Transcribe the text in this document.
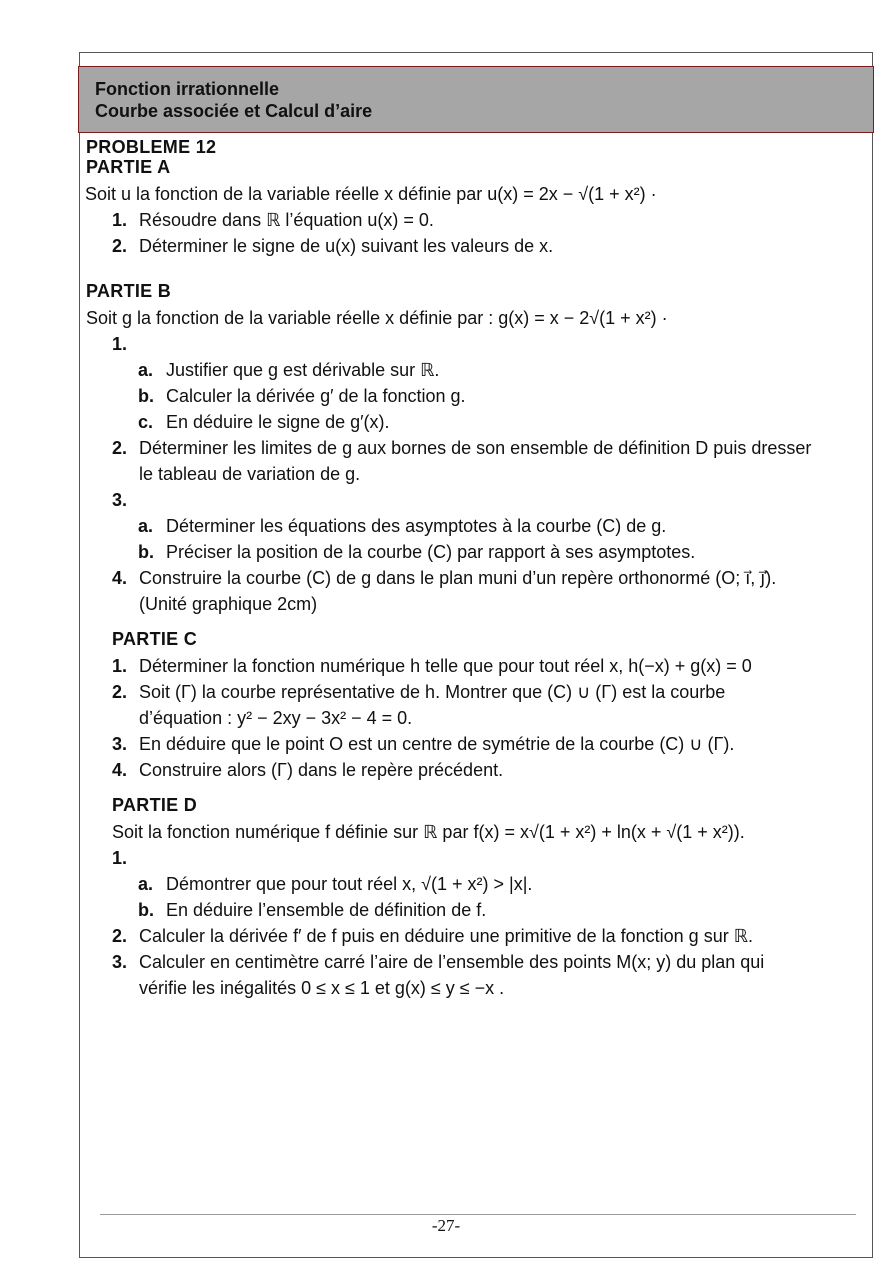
Fonction irrationnelle
Courbe associée et Calcul d’aire
PROBLEME 12
PARTIE A
Soit u la fonction de la variable réelle x définie par u(x) = 2x − √(1 + x²) ·
1. Résoudre dans ℝ l’équation u(x) = 0.
2. Déterminer le signe de u(x) suivant les valeurs de x.
PARTIE B
Soit g la fonction de la variable réelle x définie par : g(x) = x − 2√(1 + x²) ·
1.
a. Justifier que g est dérivable sur ℝ.
b. Calculer la dérivée g′ de la fonction g.
c. En déduire le signe de g′(x).
2. Déterminer les limites de g aux bornes de son ensemble de définition D puis dresser
le tableau de variation de g.
3.
a. Déterminer les équations des asymptotes à la courbe (C) de g.
b. Préciser la position de la courbe (C) par rapport à ses asymptotes.
4. Construire la courbe (C) de g dans le plan muni d’un repère orthonormé (O; i⃗, j⃗).
(Unité graphique 2cm)
PARTIE C
1. Déterminer la fonction numérique h telle que pour tout réel x, h(−x) + g(x) = 0
2. Soit (Γ) la courbe représentative de h. Montrer que (C) ∪ (Γ) est la courbe
d’équation : y² − 2xy − 3x² − 4 = 0.
3. En déduire que le point O est un centre de symétrie de la courbe (C) ∪ (Γ).
4. Construire alors (Γ) dans le repère précédent.
PARTIE D
Soit la fonction numérique f définie sur ℝ par f(x) = x√(1 + x²) + ln(x + √(1 + x²)).
1.
a. Démontrer que pour tout réel x, √(1 + x²) > |x|.
b. En déduire l’ensemble de définition de f.
2. Calculer la dérivée f′ de f puis en déduire une primitive de la fonction g sur ℝ.
3. Calculer en centimètre carré l’aire de l’ensemble des points M(x; y) du plan qui
vérifie les inégalités 0 ≤ x ≤ 1 et g(x) ≤ y ≤ −x .
-27-
